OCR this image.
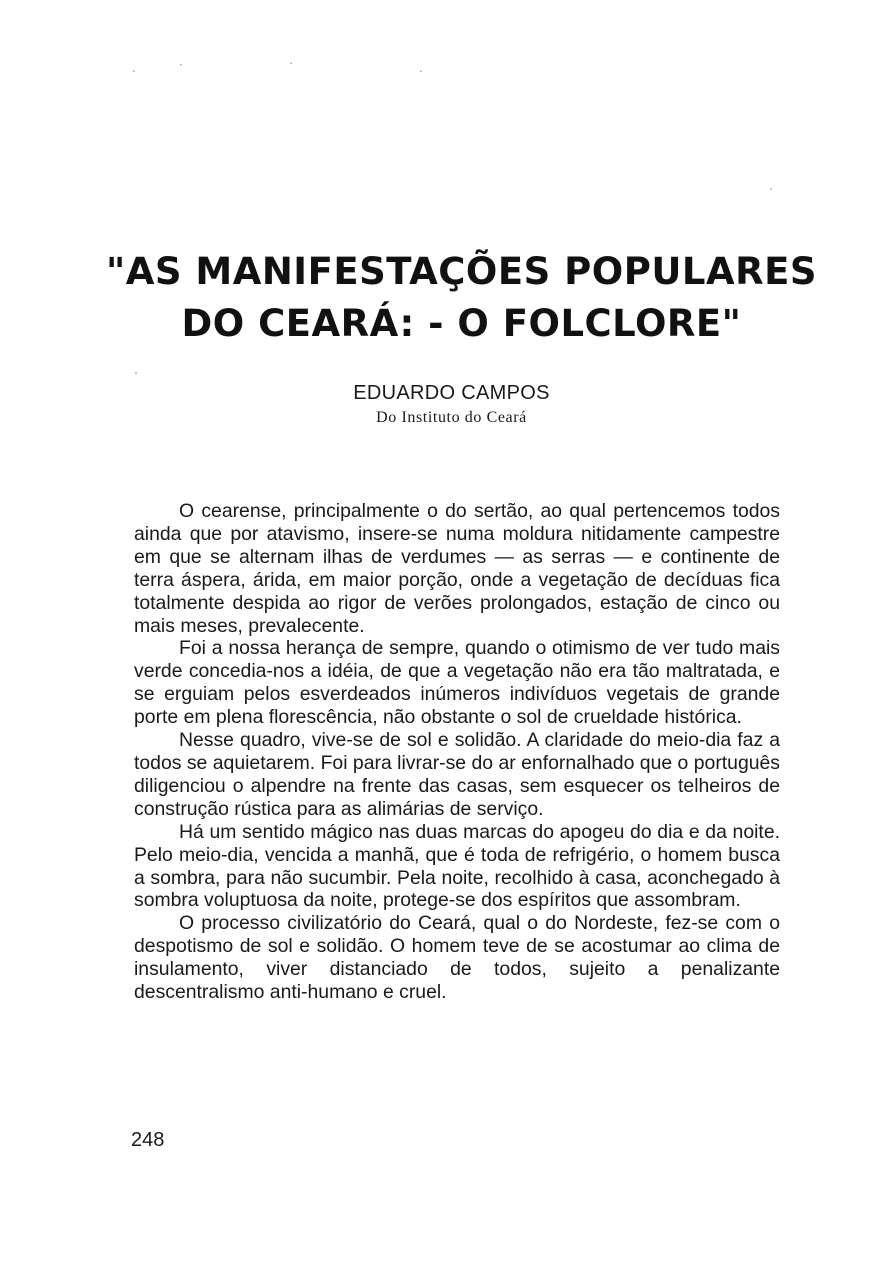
"AS MANIFESTAÇÕES POPULARES
DO CEARÁ: - O FOLCLORE"
EDUARDO CAMPOS
Do Instituto do Ceará

O cearense, principalmente o do sertão, ao qual pertencemos todos ainda que por atavismo, insere-se numa moldura nitidamente campestre em que se alternam ilhas de verdumes — as serras — e continente de terra áspera, árida, em maior porção, onde a vegetação de decíduas fica totalmente despida ao rigor de verões prolongados, estação de cinco ou mais meses, prevalecente.

Foi a nossa herança de sempre, quando o otimismo de ver tudo mais verde concedia-nos a idéia, de que a vegetação não era tão maltratada, e se erguiam pelos esverdeados inúmeros indivíduos vegetais de grande porte em plena florescência, não obstante o sol de crueldade histórica.

Nesse quadro, vive-se de sol e solidão. A claridade do meio-dia faz a todos se aquietarem. Foi para livrar-se do ar enfornalhado que o português diligenciou o alpendre na frente das casas, sem esquecer os telheiros de construção rústica para as alimárias de serviço.

Há um sentido mágico nas duas marcas do apogeu do dia e da noite. Pelo meio-dia, vencida a manhã, que é toda de refrigério, o homem busca a sombra, para não sucumbir. Pela noite, recolhido à casa, aconchegado à sombra voluptuosa da noite, protege-se dos espíritos que assombram.

O processo civilizatório do Ceará, qual o do Nordeste, fez-se com o despotismo de sol e solidão. O homem teve de se acostumar ao clima de insulamento, viver distanciado de todos, sujeito a penalizante descentralismo anti-humano e cruel.

248
